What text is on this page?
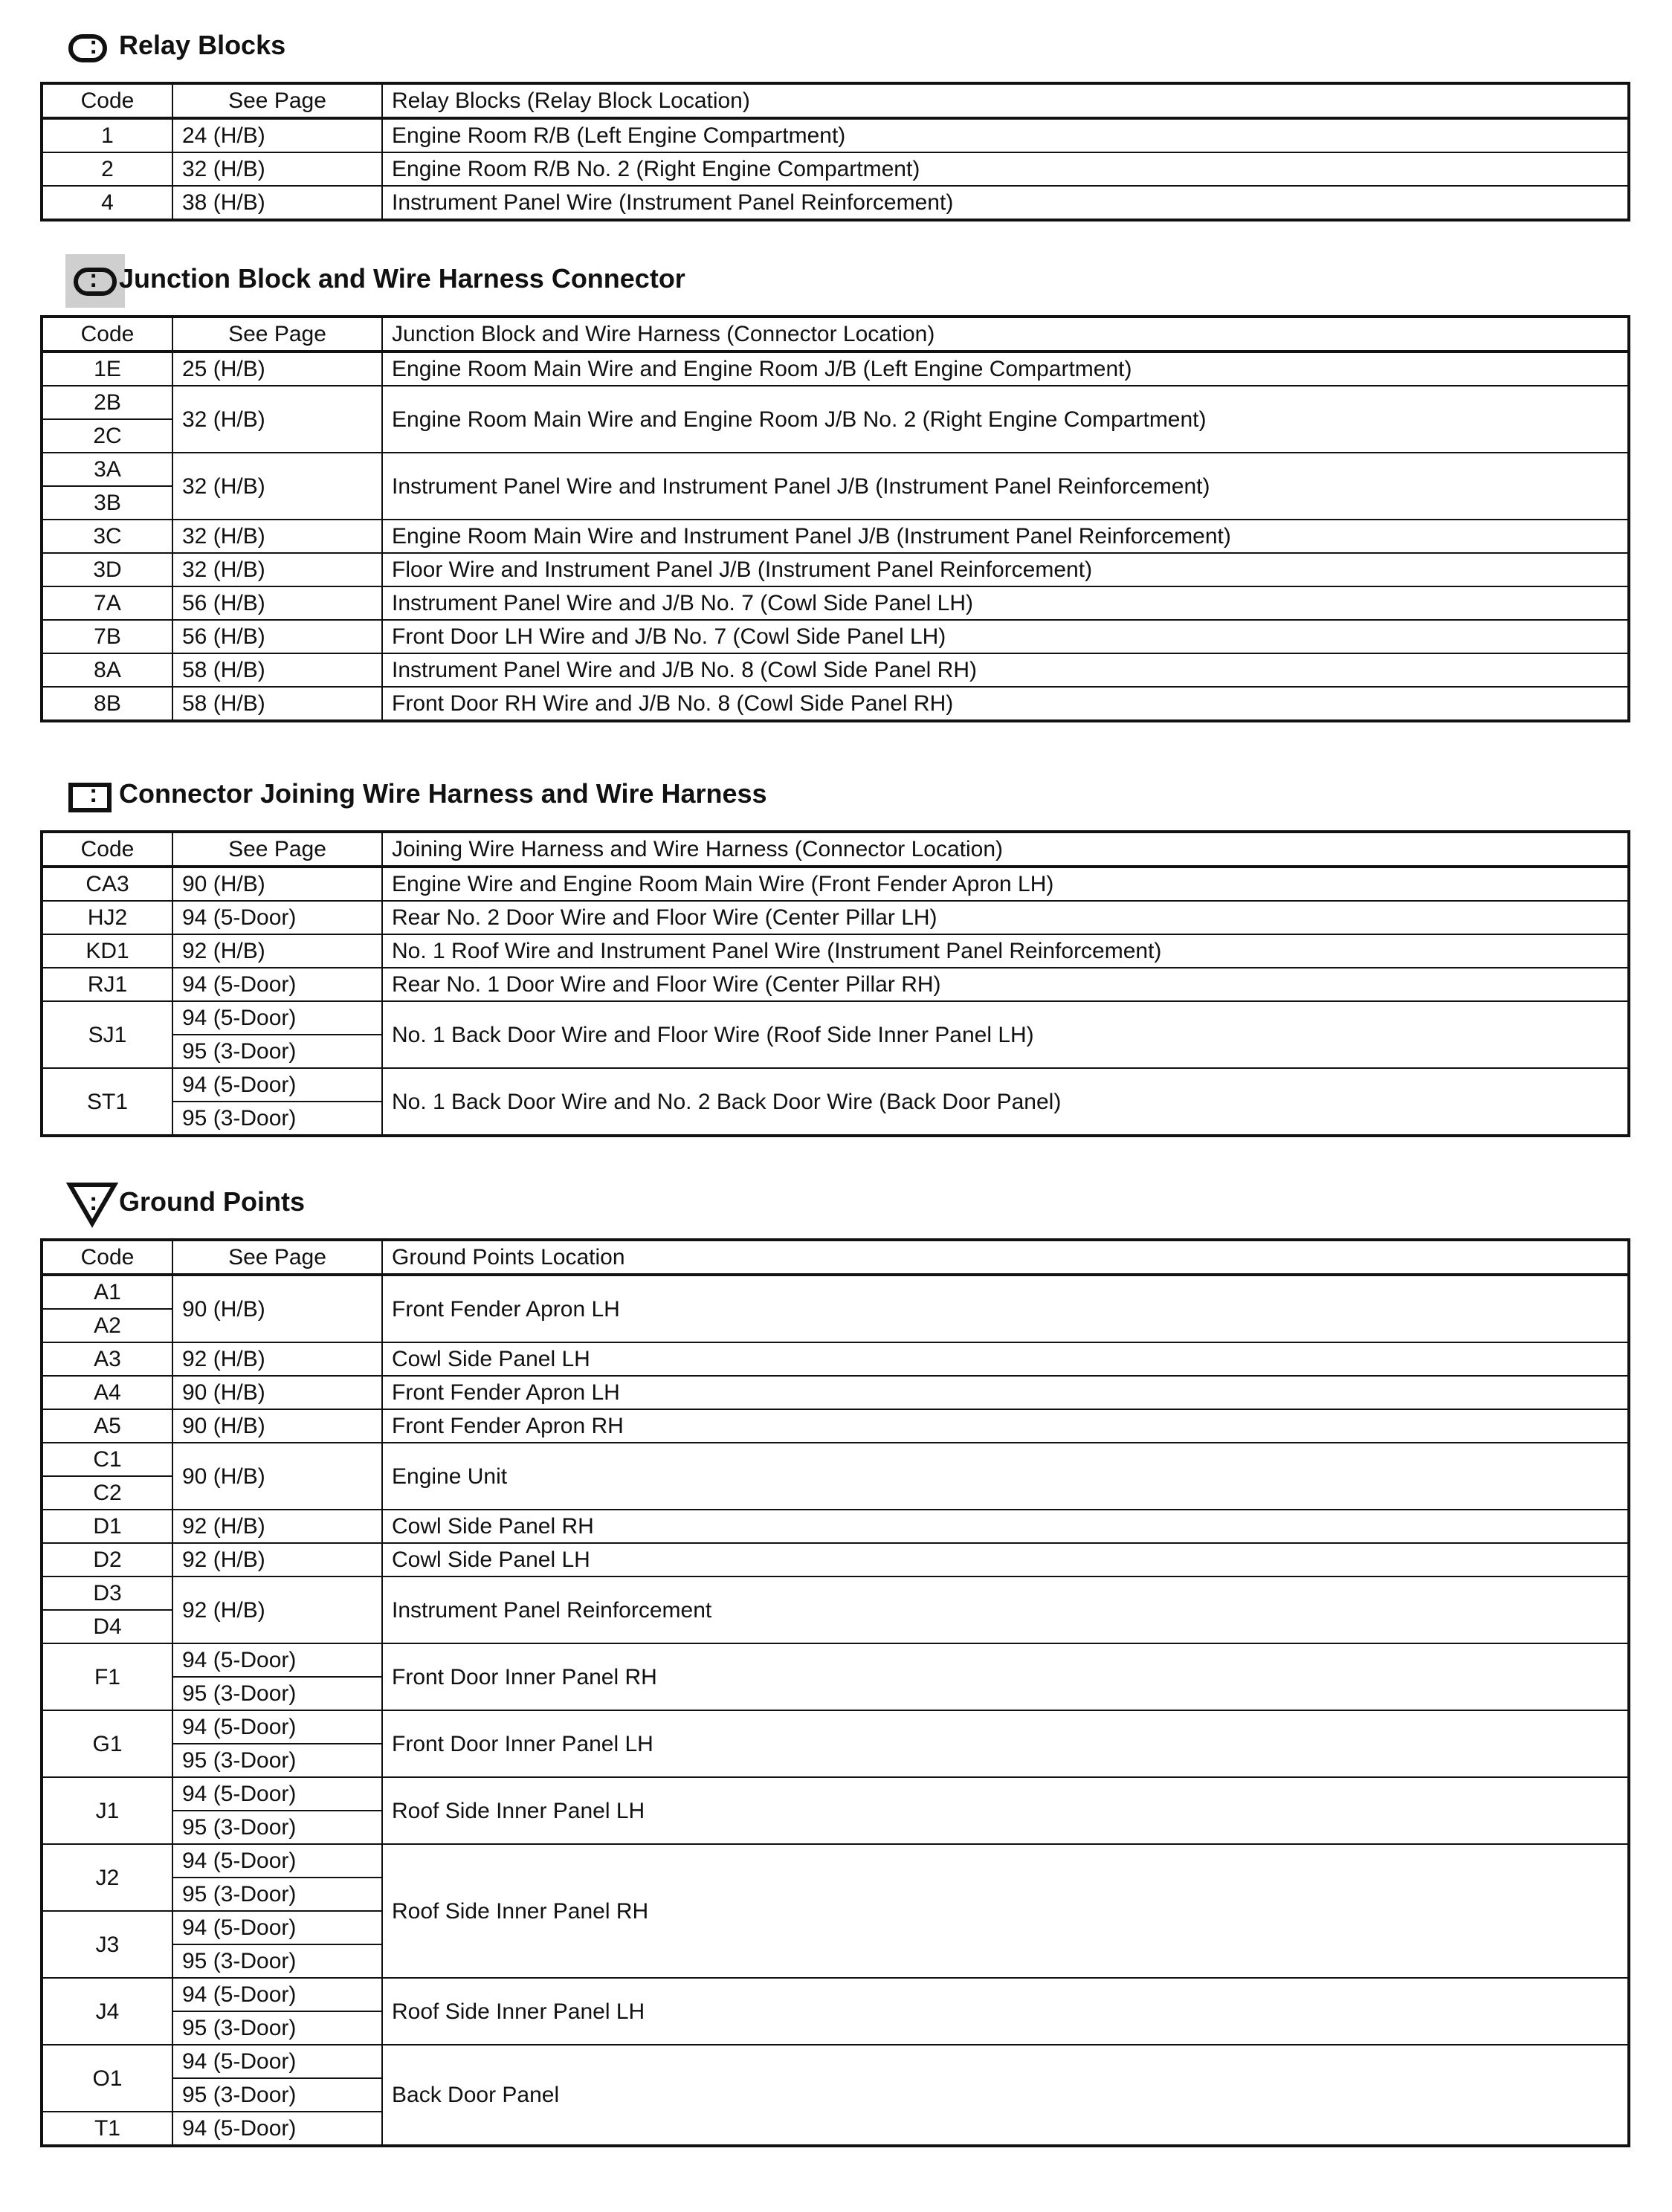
: Relay Blocks
Code	See Page	Relay Blocks (Relay Block Location)
1	24 (H/B)	Engine Room R/B (Left Engine Compartment)
2	32 (H/B)	Engine Room R/B No. 2 (Right Engine Compartment)
4	38 (H/B)	Instrument Panel Wire (Instrument Panel Reinforcement)
: Junction Block and Wire Harness Connector
Code	See Page	Junction Block and Wire Harness (Connector Location)
1E	25 (H/B)	Engine Room Main Wire and Engine Room J/B (Left Engine Compartment)
2B	32 (H/B)	Engine Room Main Wire and Engine Room J/B No. 2 (Right Engine Compartment)
2C		
3A	32 (H/B)	Instrument Panel Wire and Instrument Panel J/B (Instrument Panel Reinforcement)
3B		
3C	32 (H/B)	Engine Room Main Wire and Instrument Panel J/B (Instrument Panel Reinforcement)
3D	32 (H/B)	Floor Wire and Instrument Panel J/B (Instrument Panel Reinforcement)
7A	56 (H/B)	Instrument Panel Wire and J/B No. 7 (Cowl Side Panel LH)
7B	56 (H/B)	Front Door LH Wire and J/B No. 7 (Cowl Side Panel LH)
8A	58 (H/B)	Instrument Panel Wire and J/B No. 8 (Cowl Side Panel RH)
8B	58 (H/B)	Front Door RH Wire and J/B No. 8 (Cowl Side Panel RH)
: Connector Joining Wire Harness and Wire Harness
Code	See Page	Joining Wire Harness and Wire Harness (Connector Location)
CA3	90 (H/B)	Engine Wire and Engine Room Main Wire (Front Fender Apron LH)
HJ2	94 (5-Door)	Rear No. 2 Door Wire and Floor Wire (Center Pillar LH)
KD1	92 (H/B)	No. 1 Roof Wire and Instrument Panel Wire (Instrument Panel Reinforcement)
RJ1	94 (5-Door)	Rear No. 1 Door Wire and Floor Wire (Center Pillar RH)
SJ1	94 (5-Door)	No. 1 Back Door Wire and Floor Wire (Roof Side Inner Panel LH)
	95 (3-Door)	
ST1	94 (5-Door)	No. 1 Back Door Wire and No. 2 Back Door Wire (Back Door Panel)
	95 (3-Door)	
: Ground Points
Code	See Page	Ground Points Location
A1	90 (H/B)	Front Fender Apron LH
A2		
A3	92 (H/B)	Cowl Side Panel LH
A4	90 (H/B)	Front Fender Apron LH
A5	90 (H/B)	Front Fender Apron RH
C1	90 (H/B)	Engine Unit
C2		
D1	92 (H/B)	Cowl Side Panel RH
D2	92 (H/B)	Cowl Side Panel LH
D3	92 (H/B)	Instrument Panel Reinforcement
D4		
F1	94 (5-Door)	Front Door Inner Panel RH
	95 (3-Door)	
G1	94 (5-Door)	Front Door Inner Panel LH
	95 (3-Door)	
J1	94 (5-Door)	Roof Side Inner Panel LH
	95 (3-Door)	
J2	94 (5-Door)	Roof Side Inner Panel RH
	95 (3-Door)	
J3	94 (5-Door)	
	95 (3-Door)	
J4	94 (5-Door)	Roof Side Inner Panel LH
	95 (3-Door)	
O1	94 (5-Door)	Back Door Panel
	95 (3-Door)	
T1	94 (5-Door)	
